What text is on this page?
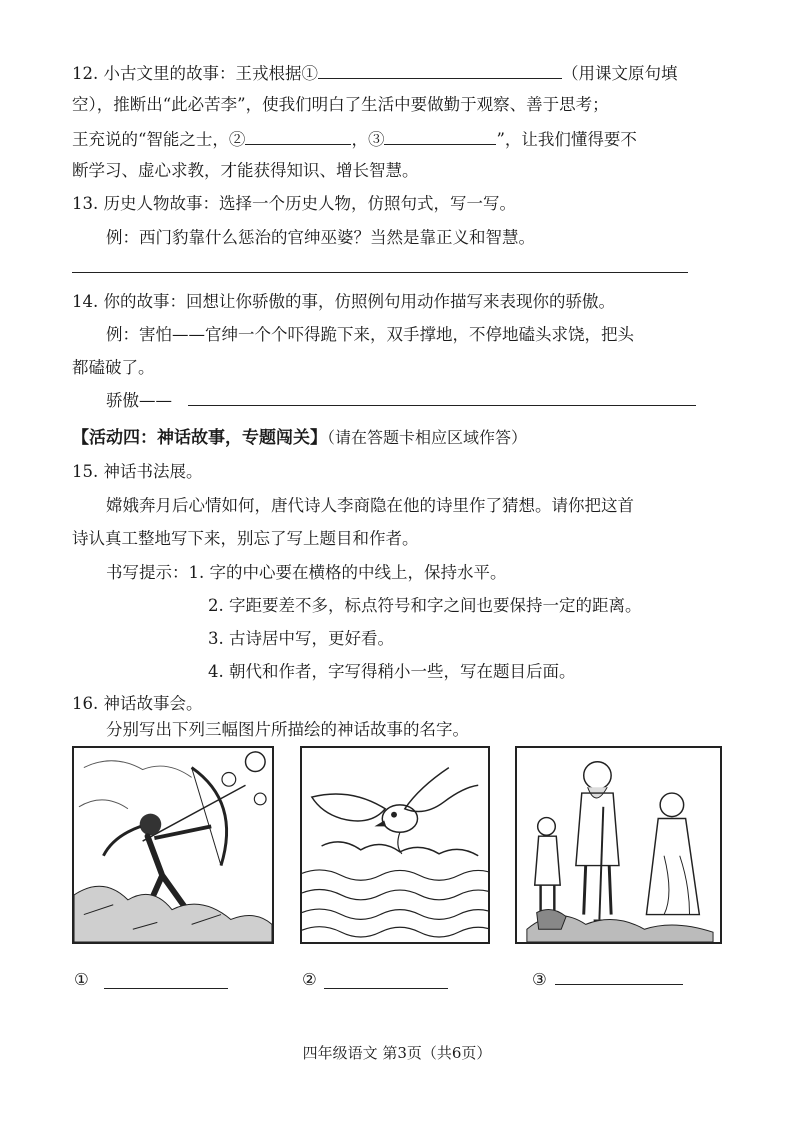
12. 小古文里的故事：王戎根据①	（用课文原句填
空），推断出“此必苦李”，使我们明白了生活中要做勤于观察、善于思考；
王充说的“智能之士，②	，③	”，让我们懂得要不
断学习、虚心求教，才能获得知识、增长智慧。
13. 历史人物故事：选择一个历史人物，仿照句式，写一写。
例：西门豹靠什么惩治的官绅巫婆？当然是靠正义和智慧。
14. 你的故事：回想让你骄傲的事，仿照例句用动作描写来表现你的骄傲。
例：害怕——官绅一个个吓得跪下来，双手撑地，不停地磕头求饶，把头
都磕破了。
骄傲——
【活动四：神话故事，专题闯关】（请在答题卡相应区域作答）
15. 神话书法展。
嫦娥奔月后心情如何，唐代诗人李商隐在他的诗里作了猜想。请你把这首
诗认真工整地写下来，别忘了写上题目和作者。
书写提示：1. 字的中心要在横格的中线上，保持水平。
2. 字距要差不多，标点符号和字之间也要保持一定的距离。
3. 古诗居中写，更好看。
4. 朝代和作者，字写得稍小一些，写在题目后面。
16. 神话故事会。
分别写出下列三幅图片所描绘的神话故事的名字。
①	②	③
四年级语文 第3页（共6页）
